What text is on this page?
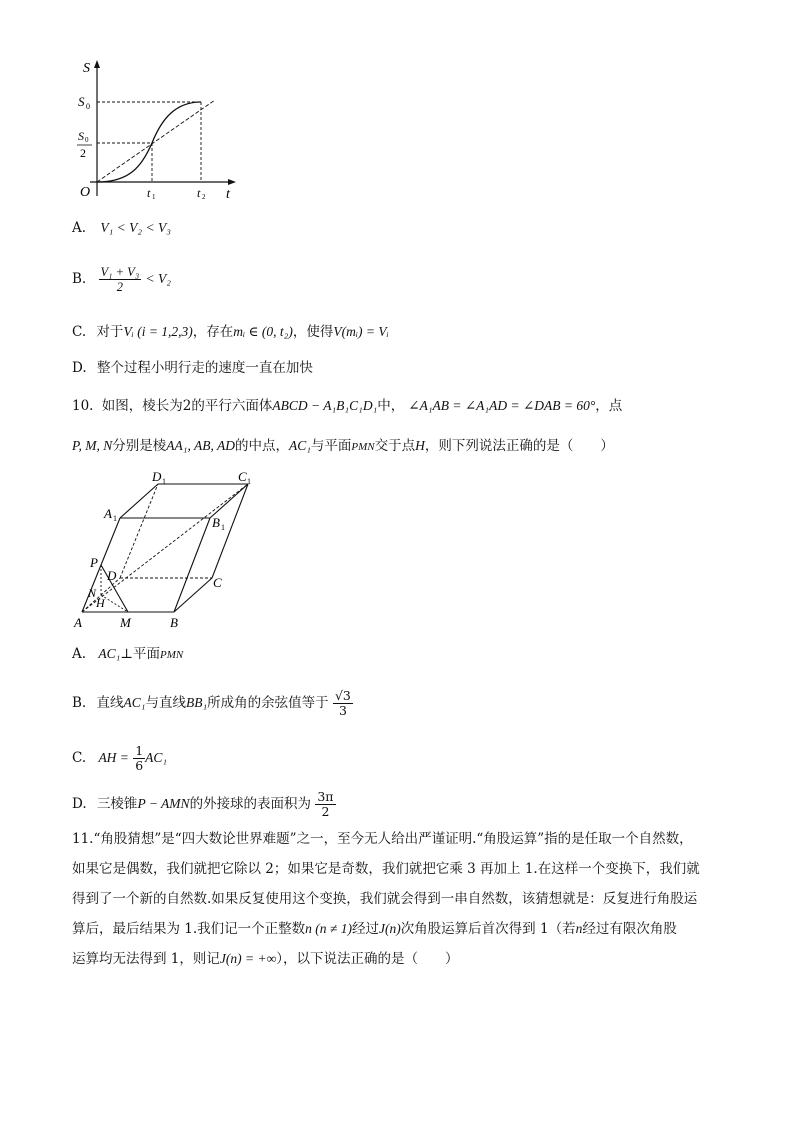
S
t
O
S 0
S 0
2
t 1	t 2
A. V₁ < V₂ < V₃
B. $\frac{\text{V₁ + V₃}}{2} < V_2$
C. 对于Vᵢ (i = 1,2,3)，存在mᵢ ∈ (0, t₂)，使得V(mᵢ) = Vᵢ
D. 整个过程小明行走的速度一直在加快
10. 如图，棱长为2的平行六面体ABCD − A₁B₁C₁D₁中， ∠A₁AB = ∠A₁AD = ∠DAB = 60°，点
P, M, N分别是棱AA₁, AB, AD的中点，AC₁与平面PMN交于点H，则下列说法正确的是（　　）
D 1	C 1
A 1	B 1
P
D	C
N
H
A	M	B
A. AC₁⊥平面PMN
B. 直线AC₁与直线BB₁所成角的余弦值等于 $\frac{√3}{3}$
C. AH = $\frac{1}{6} AC_1$
D. 三棱锥P − AMN的外接球的表面积为 $\frac{3\pi}{2}$
11.“角股猜想”是“四大数论世界难题”之一，至今无人给出严谨证明.“角股运算”指的是任取一个自然数，
如果它是偶数，我们就把它除以 2；如果它是奇数，我们就把它乘 3 再加上 1.在这样一个变换下，我们就
得到了一个新的自然数.如果反复使用这个变换，我们就会得到一串自然数，该猜想就是：反复进行角股运
算后，最后结果为 1.我们记一个正整数n (n ≠ 1)经过J(n)次角股运算后首次得到 1（若n经过有限次角股
运算均无法得到 1，则记J(n) = +∞），以下说法正确的是（　　）
